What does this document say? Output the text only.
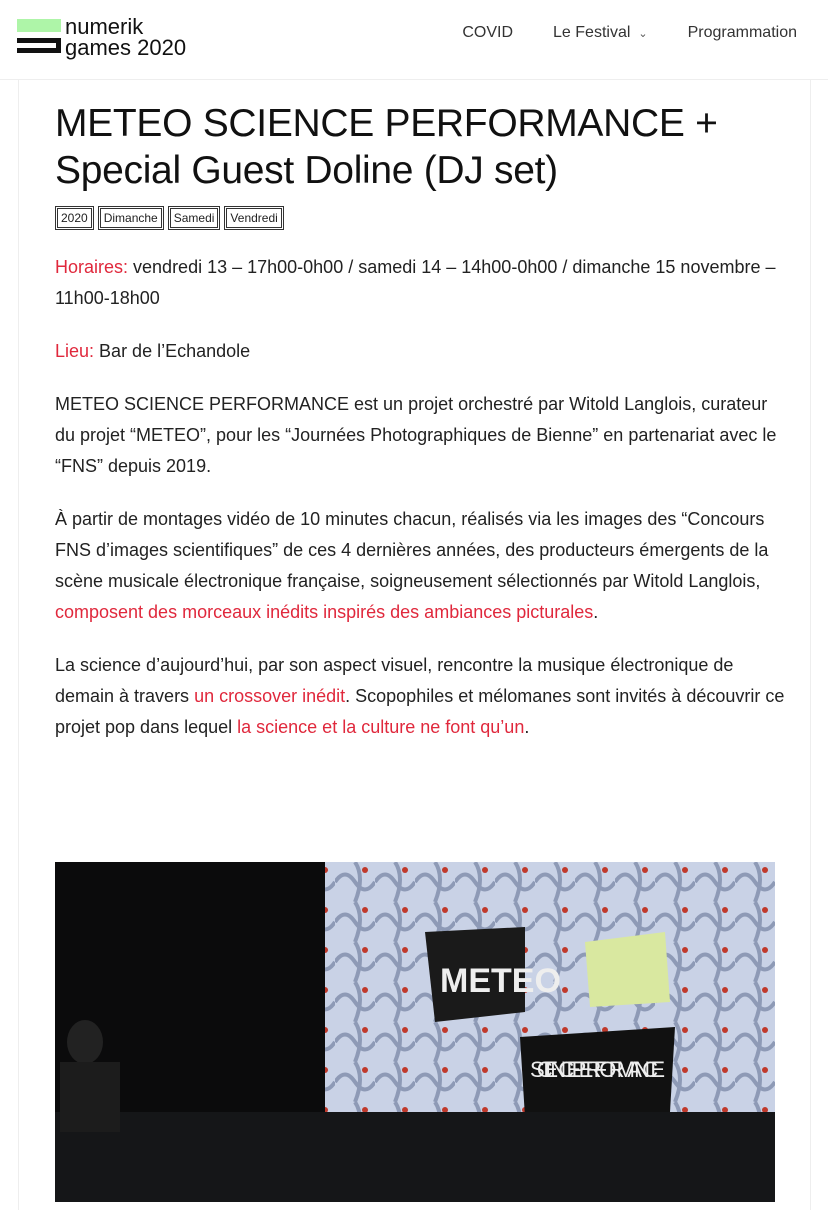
numerik
games 2020
COVID	Le Festival ⌄	Programmation
METEO SCIENCE PERFORMANCE + Special Guest Doline (DJ set)
2020	Dimanche	Samedi	Vendredi

Horaires: vendredi 13 – 17h00-0h00 / samedi 14 – 14h00-0h00 / dimanche 15 novembre – 11h00-18h00

Lieu: Bar de l’Echandole

METEO SCIENCE PERFORMANCE est un projet orchestré par Witold Langlois, curateur du projet “METEO”, pour les “Journées Photographiques de Bienne” en partenariat avec le “FNS” depuis 2019.

À partir de montages vidéo de 10 minutes chacun, réalisés via les images des “Concours FNS d’images scientifiques” de ces 4 dernières années, des producteurs émergents de la scène musicale électronique française, soigneusement sélectionnés par Witold Langlois, composent des morceaux inédits inspirés des ambiances picturales.

La science d’aujourd’hui, par son aspect visuel, rencontre la musique électronique de demain à travers un crossover inédit. Scopophiles et mélomanes sont invités à découvrir ce projet pop dans lequel la science et la culture ne font qu’un.

METEO
SCIENCE PERFORMANCE
